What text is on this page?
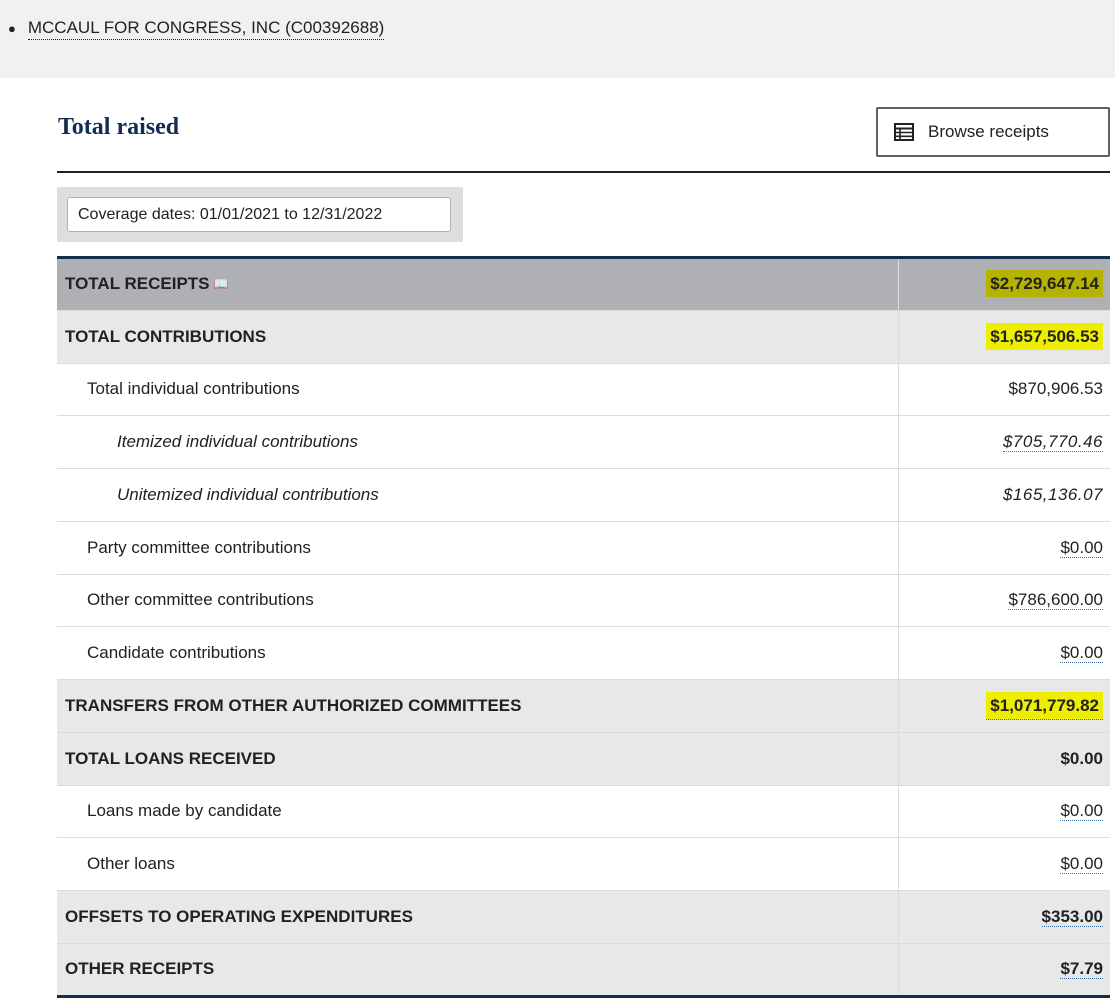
● MCCAUL FOR CONGRESS, INC (C00392688)
Total raised	Browse receipts
Coverage dates: 01/01/2021 to 12/31/2022
TOTAL RECEIPTS 📖	$2,729,647.14
TOTAL CONTRIBUTIONS	$1,657,506.53
Total individual contributions	$870,906.53
Itemized individual contributions	$705,770.46
Unitemized individual contributions	$165,136.07
Party committee contributions	$0.00
Other committee contributions	$786,600.00
Candidate contributions	$0.00
TRANSFERS FROM OTHER AUTHORIZED COMMITTEES	$1,071,779.82
TOTAL LOANS RECEIVED	$0.00
Loans made by candidate	$0.00
Other loans	$0.00
OFFSETS TO OPERATING EXPENDITURES	$353.00
OTHER RECEIPTS	$7.79
